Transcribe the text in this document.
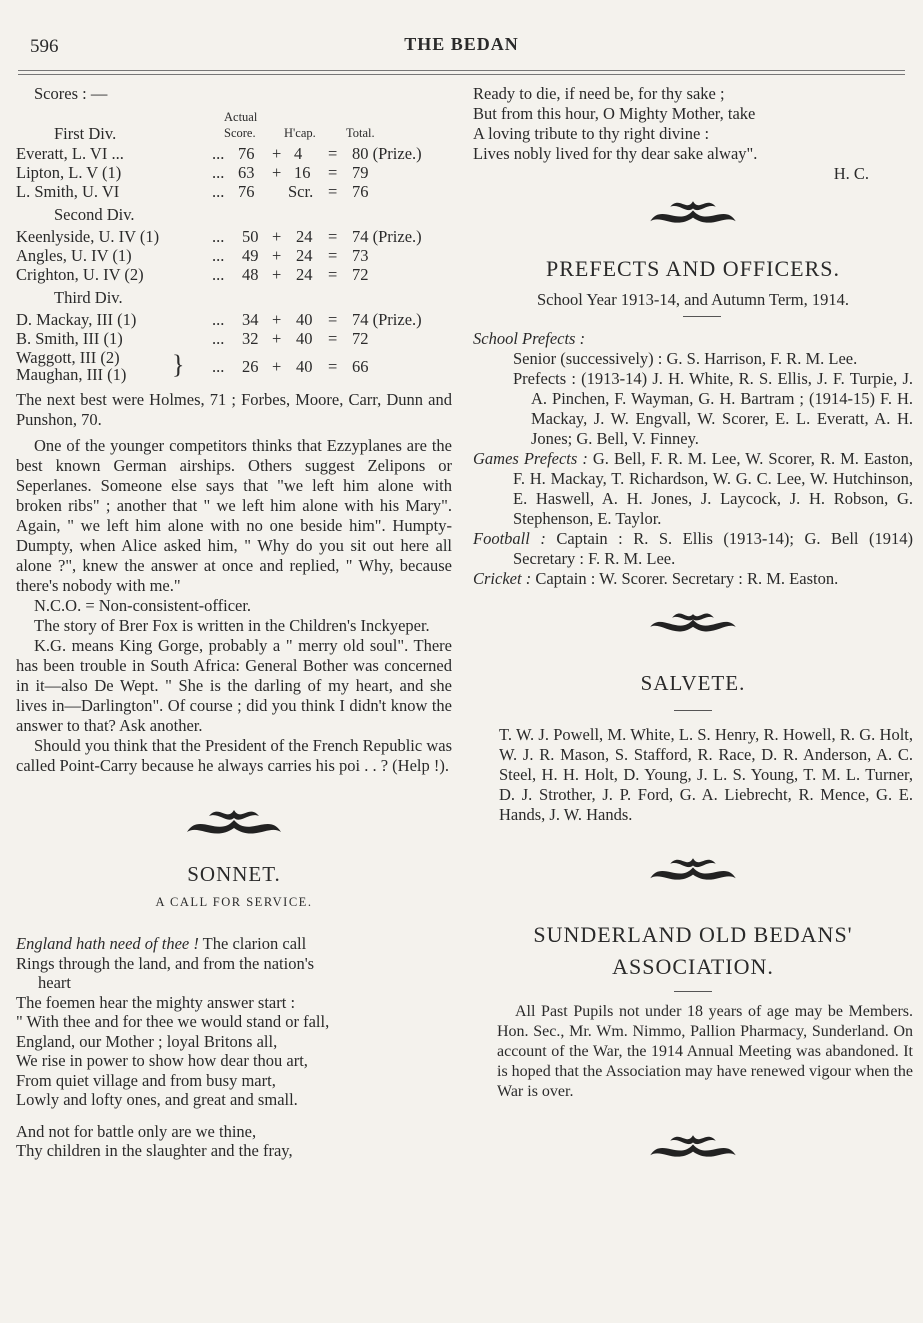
596	THE BEDAN
Scores : —
First Div.
Actual
Score. H'cap. Total.
Everatt, L. VI ...	... 76 + 4 = 80 (Prize.)
Lipton, L. V (1)	... 63 + 16 = 79
L. Smith, U. VI	... 76 Scr. = 76
Second Div.
Keenlyside, U. IV (1)	... 50 + 24 = 74 (Prize.)
Angles, U. IV (1)	... 49 + 24 = 73
Crighton, U. IV (2)	... 48 + 24 = 72
Third Div.
D. Mackay, III (1)	... 34 + 40 = 74 (Prize.)
B. Smith, III (1)	... 32 + 40 = 72
Waggott, III (2)
Maughan, III (1) } ... 26 + 40 = 66

The next best were Holmes, 71 ; Forbes, Moore, Carr, Dunn and Punshon, 70.

One of the younger competitors thinks that Ezzyplanes are the best known German airships. Others suggest Zelipons or Seperlanes. Someone else says that "we left him alone with broken ribs" ; another that " we left him alone with his Mary". Again, " we left him alone with no one beside him". Humpty-Dumpty, when Alice asked him, " Why do you sit out here all alone ?", knew the answer at once and replied, " Why, because there's nobody with me."

N.C.O. = Non-consistent-officer.

The story of Brer Fox is written in the Children's Inckyeper.

K.G. means King Gorge, probably a " merry old soul". There has been trouble in South Africa: General Bother was concerned in it—also De Wept. " She is the darling of my heart, and she lives in—Darlington". Of course ; did you think I didn't know the answer to that? Ask another.

Should you think that the President of the French Republic was called Point-Carry because he always carries his poi . . ? (Help !).

SONNET.
A CALL FOR SERVICE.
England hath need of thee ! The clarion call
Rings through the land, and from the nation's
heart
The foemen hear the mighty answer start :
" With thee and for thee we would stand or fall,
England, our Mother ; loyal Britons all,
We rise in power to show how dear thou art,
From quiet village and from busy mart,
Lowly and lofty ones, and great and small.
And not for battle only are we thine,
Thy children in the slaughter and the fray,
Ready to die, if need be, for thy sake ;
But from this hour, O Mighty Mother, take
A loving tribute to thy right divine :
Lives nobly lived for thy dear sake alway".
H. C.
PREFECTS AND OFFICERS.
School Year 1913-14, and Autumn Term, 1914.
School Prefects :
Senior (successively) : G. S. Harrison, F. R. M. Lee.
Prefects : (1913-14) J. H. White, R. S. Ellis, J. F. Turpie, J. A. Pinchen, F. Wayman, G. H. Bartram ; (1914-15) F. H. Mackay, J. W. Engvall, W. Scorer, E. L. Everatt, A. H. Jones; G. Bell, V. Finney.
Games Prefects : G. Bell, F. R. M. Lee, W. Scorer, R. M. Easton, F. H. Mackay, T. Richardson, W. G. C. Lee, W. Hutchinson, E. Haswell, A. H. Jones, J. Laycock, J. H. Robson, G. Stephenson, E. Taylor.
Football : Captain : R. S. Ellis (1913-14); G. Bell (1914) Secretary : F. R. M. Lee.
Cricket : Captain : W. Scorer. Secretary : R. M. Easton.
SALVETE.

T. W. J. Powell, M. White, L. S. Henry, R. Howell, R. G. Holt, W. J. R. Mason, S. Stafford, R. Race, D. R. Anderson, A. C. Steel, H. H. Holt, D. Young, J. L. S. Young, T. M. L. Turner, D. J. Strother, J. P. Ford, G. A. Liebrecht, R. Mence, G. E. Hands, J. W. Hands.

SUNDERLAND OLD BEDANS'
ASSOCIATION.

All Past Pupils not under 18 years of age may be Members. Hon. Sec., Mr. Wm. Nimmo, Pallion Pharmacy, Sunderland. On account of the War, the 1914 Annual Meeting was abandoned. It is hoped that the Association may have renewed vigour when the War is over.
